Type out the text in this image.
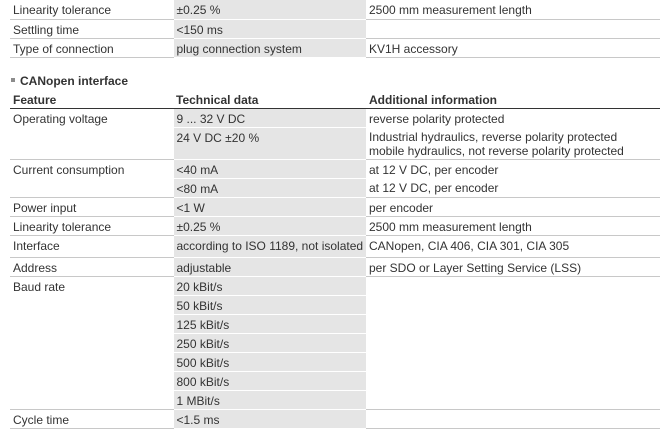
Linearity tolerance	±0.25 %	2500 mm measurement length
Settling time	<150 ms	
Type of connection	plug connection system	KV1H accessory
CANopen interface
Feature	Technical data	Additional information
Operating voltage	9 ... 32 V DC	reverse polarity protected
	24 V DC ±20 %	Industrial hydraulics, reverse polarity protected
mobile hydraulics, not reverse polarity protected

Current consumption	<40 mA	at 12 V DC, per encoder
	<80 mA	at 12 V DC, per encoder
Power input	<1 W	per encoder
Linearity tolerance	±0.25 %	2500 mm measurement length
Interface	according to ISO 1189, not isolated	CANopen, CIA 406, CIA 301, CIA 305
Address	adjustable	per SDO or Layer Setting Service (LSS)
Baud rate	20 kBit/s	
	50 kBit/s	
	125 kBit/s	
	250 kBit/s	
	500 kBit/s	
	800 kBit/s	
	1 MBit/s	
Cycle time	<1.5 ms	
